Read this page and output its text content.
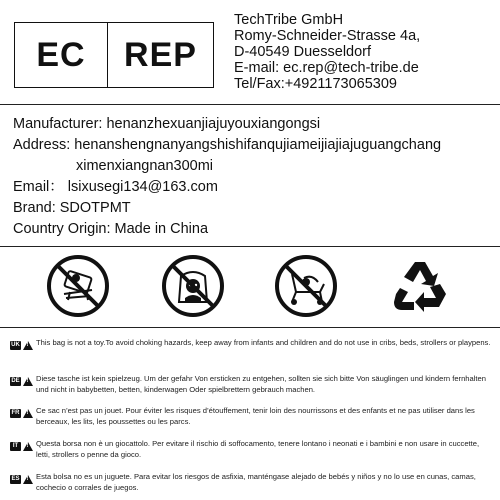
EC	REP
TechTribe GmbH
Romy-Schneider-Strasse 4a,
D-40549 Duesseldorf
E-mail: ec.rep@tech-tribe.de
Tel/Fax:+4921173065309
Manufacturer: henanzhexuanjiajuyouxiangongsi
Address: henanshengnanyangshishifanqujiameijiajiajuguangchang
ximenxiangnan300mi
Email： lsixusegi134@163.com
Brand: SDOTPMT
Country Origin: Made in China
UK ! This bag is not a toy.To avoid choking hazards, keep away from infants and children and do not use in cribs, beds, strollers or playpens.
DE ! Diese tasche ist kein spielzeug. Um der gefahr Von ersticken zu entgehen, sollten sie sich bitte Von säuglingen und kindern fernhalten und nicht in babybetten, betten, kinderwagen Oder spielbrettern gebrauch machen.
FR ! Ce sac n’est pas un jouet. Pour éviter les risques d’étouffement, tenir loin des nourrissons et des enfants et ne pas utiliser dans les berceaux, les lits, les poussettes ou les parcs.
IT !	Questa borsa non è un giocattolo. Per evitare il rischio di soffocamento, tenere lontano i neonati e i bambini e non usare in cuccette, letti, strollers o penne da gioco.
ES ! Esta bolsa no es un juguete. Para evitar los riesgos de asfixia, manténgase alejado de bebés y niños y no lo use en cunas, camas, cochecio o corrales de juegos.
